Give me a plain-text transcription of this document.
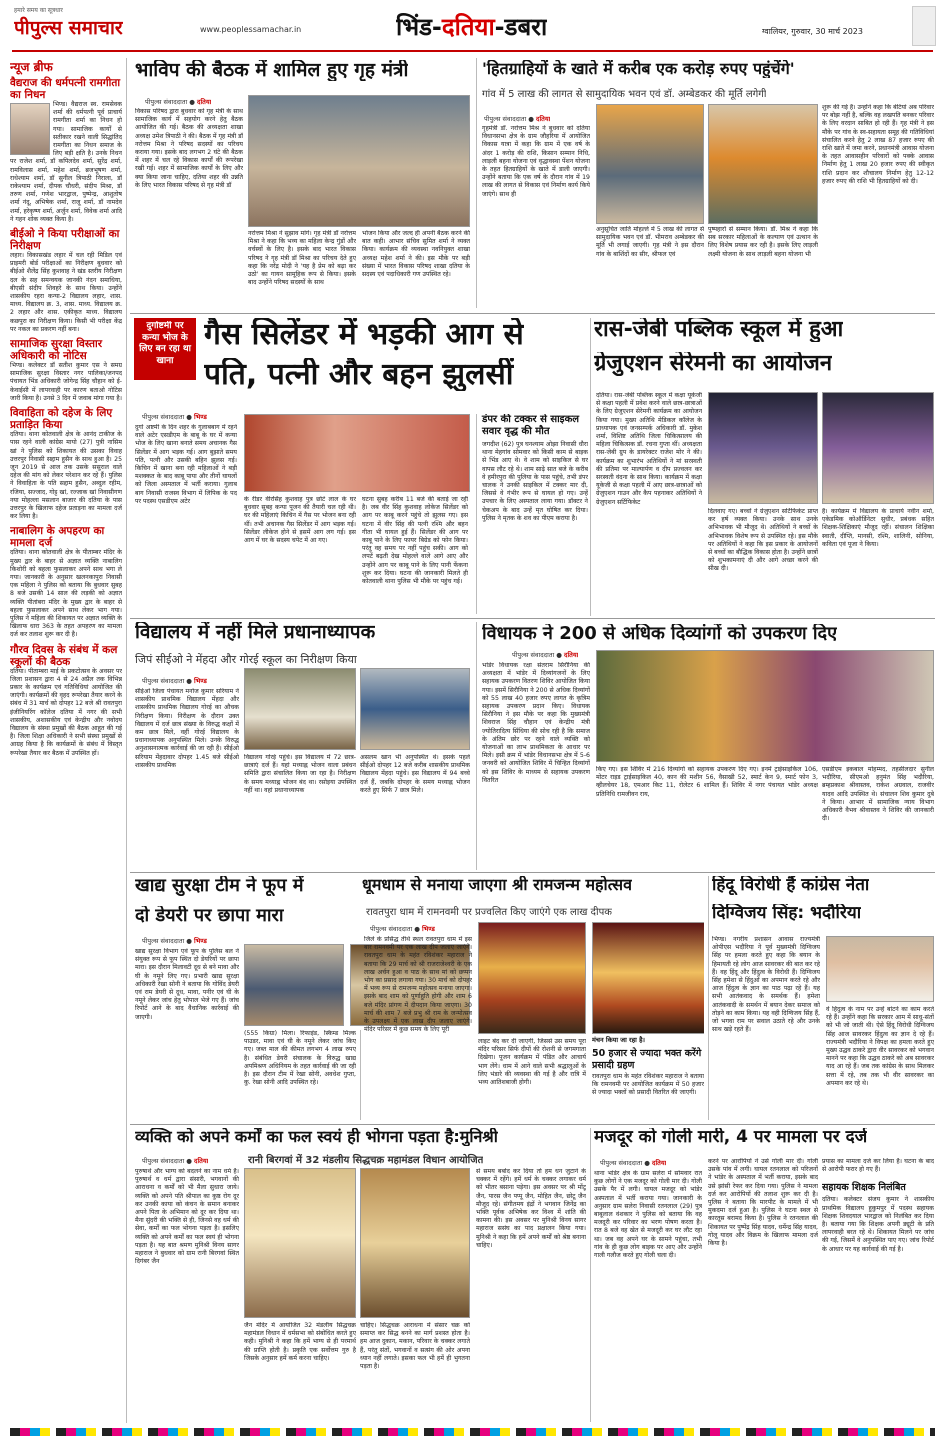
हमारे समय का सूत्रधार
पीपुल्स समाचार	www.peoplessamachar.in	भिंड-दतिया-डबरा	ग्वालियर, गुरुवार, 30 मार्च 2023
न्यूज ब्रीफ
वैद्यराज की धर्मपत्नी रामगीता का निधन
भिण्ड। वैद्यराज स्व. रामसेवक शर्मा की धर्मपत्नी पूर्व प्राचार्य रामगीता शर्मा का निधन हो गया। सामाजिक कार्यों से सतीकार रखने वाली सिद्धांतिद रामगीता का निधन समाज के लिए बड़ी क्षति है। उनके निधन पर राजेश शर्मा, डॉ कपिलदेव शर्मा, सुरेंद्र शर्मा, रामविलास शर्मा, महेश शर्मा, ब्रजभूषण शर्मा, राधेश्याम शर्मा, डॉ सुनील त्रिपाठी निराला, डॉ राकेश्याम शर्मा, दीपक चौधरी, संदीप मिश्रा, डॉ तरुण शर्मा, गणेश भारद्वाज, पुष्पेन्द्र, आशुतोष शर्मा नंदू, अभिषेक शर्मा, राजू शर्मा, डॉ नामदेव शर्मा, हरेकृष्ण शर्मा, अर्जुन शर्मा, विवेक शर्मा आदि ने गहन शोक व्यक्त किया है।
बीईओ ने किया परीक्षाओं का निरीक्षण
लहार। विकासखंड लहार में चल रही मिडिल एवं प्राइमरी बोर्ड परीक्षाओं का निरीक्षण बुधवार को बीईओ शैलेंद्र सिंह कुशवाह ने खंड स्तरीय निरीक्षण दल के सह समन्वयक जानकी नंदन समाधिया, बीएसी संदीप शिवहरे के साथ किया। उन्होंने शासकीय रहरा कन्या-2 विद्यालय लहार, शास. माध्य. विद्यालय क्र. 3, शास. माध्य. विद्यालय क्र. 2 लहार और शास. एकीकृत माध्य. विद्यालय कछपुरा का निरीक्षण किया। किसी भी परीक्षा केंद्र पर नकल का प्रकरण नहीं बना।
सामाजिक सुरक्षा विस्तार अधिकारी को नोटिस
भिण्ड। कलेक्टर डॉ सतीश कुमार एस ने समग्र सामाजिक सुरक्षा विस्तार नगर पालिका/जनपद पंचायत भिंड अधिकारी जोगेन्द्र सिंह चौहान को ई-केवाईसी में लापरवाही पर कारण बताओ नोटिस जारी किया है। उनसे 3 दिन में जवाब मांगा गया है।
विवाहिता को दहेज के लिए प्रताड़ित किया
दतिया। थाना कोतवाली क्षेत्र के आनंद टाकीज के पास रहने वाली कांग्रेस मायो (27) पुत्री नासिम खां ने पुलिस को शिकायत की उसका विवाह उत्तरपुर निवासी सद्दाम हुसैन के साथ हुआ है। 25 जून 2019 से आज तक उसके ससुराल वाले दहेज की मांग को लेकर परेशान कर रहे हैं। पुलिस ने विवाहिता के पति सद्दाम हुसैन, अब्दुल रहीम, रजिया, सज्जाद, गोट्ट खां, रज्जाक खां निवासीगण नया मोहल्ला मसलान बाजार की दतिया के पास उत्तरपुर के खिलाफ दहेज प्रताड़ना का मामला दर्ज कर लिया है।
नाबालिग के अपहरण का मामला दर्ज
दतिया। थाना कोतवाली क्षेत्र के पीताम्बर मंदिर के मुख्य द्वार के बाहर से अज्ञात व्यक्ति नाबालिग किशोरी को बहला फुसलाकर अपने साथ भगा ले गया। जानकारी के अनुसार खलनकापुरा निवासी एक महिला ने पुलिस को बताया कि बुधवार सुबह 8 बजे उसकी 14 साल की लड़की को अज्ञात व्यक्ति पीतांबरा मंदिर के मुख्य द्वार के बाहर से बहला फुसलाकर अपने साथ लेकर भाग गया। पुलिस ने महिला की शिकायत पर अज्ञात व्यक्ति के खिलाफ धारा 363 के तहत अपहरण का मामला दर्ज कर तलाश शुरू कर दी है।
गौरव दिवस के संबंध में कल स्कूलों की बैठक
दतिया। पीताम्बरा माई के प्रकटोत्सव के अवसर पर जिला प्रशासन द्वारा 4 से 24 अप्रैल तक विभिन्न प्रकार के कार्यक्रम एवं गतिविधियां आयोजित की जाएंगी। कार्यक्रमों की वृहद रूपरेखा तैयार करने के संबंध में 31 मार्च को दोपहर 12 बजे श्री रावतपुरा इंजीनियरिंग कॉलेज दतिया में नगर की सभी शासकीय, अशासकीय एवं केन्द्रीय और नवोदय विद्यालय के संस्था प्रमुखों की बैठक आहूत की गई है। जिला शिक्षा अधिकारी ने सभी संस्था प्रमुखों से आग्रह किया है कि कार्यक्रमों के संबंध में विस्तृत रूपरेखा तैयार कर बैठक में उपस्थित हों।
भाविप की बैठक में शामिल हुए गृह मंत्री
पीपुल्स संवाददाता ● दतिया
विकास परिषद द्वारा बुधवार को गृह मंत्री के साथ सामाजिक कार्य में सहयोग करने हेतु बैठक आयोजित की गई। बैठक की अध्यक्षता शाखा अध्यक्ष उमेश त्रिपाठी ने की। बैठक में गृह मंत्री डॉ नरोत्तम मिश्रा ने परिषद सदस्यों का परिचय कराया गया। इसके बाद लगभग 2 घंटे की बैठक में शहर में चल रहे विकास कार्यों की रूपरेखा रखी गई। शहर में सामाजिक कार्यों के लिए और क्या किया जाना चाहिए, दतिया शहर की उन्नति के लिए भारत विकास परिषद से गृह मंत्री डॉ
नरोत्तम मिश्रा ने सुझाव मांगे। गृह मंत्री डॉ नरोत्तम मिश्रा ने कहा कि भव्य का महिला केन्द्र गुंडों और वर्चस्वों के लिए है। इसके बाद भारत विकास परिषद ने गृह मंत्री डॉ मिश्रा का परिचय देते हुए कहा कि नरेंद्र मोदी ने 'यह है प्रेम को बढ़ा कर उठो' का गायन सामूहिक रूप से किया। इसके बाद उन्होंने परिषद सदस्यों के साथ
भोजन किया और जल्द ही अपनी बैठक करने की बात कही। आभार संचिव सुमित शर्मा ने व्यक्त किया। कार्यक्रम की व्यवस्था नवनियुक्त शाखा अध्यक्ष महेश शर्मा ने की। इस मौके पर बड़ी संख्या में भारत विकास परिषद शाखा दतिया के सदस्य एवं पदाधिकारी गण उपस्थित रहे।
'हितग्राहियों के खाते में करीब एक करोड़ रुपए पहुंचेंगे'
गांव में 5 लाख की लागत से सामुदायिक भवन एवं डॉ. अम्बेडकर की मूर्ति लगेगी
पीपुल्स संवाददाता ● दतिया
गृहमंत्री डॉ. नरोत्तम मिश्र ने बुधवार को दतिया विधानसभा क्षेत्र के ग्राम जौहरिया में आयोजित विकास यात्रा में कहा कि ग्राम में एक वर्ष के अंदर 1 करोड़ की राशि, किसान सम्मान निधि, लाड़ली बहना योजना एवं वृद्धावस्था पेंशन योजना के तहत हितग्राहियों के खाते में डाली जाएगी। उन्होंने बताया कि एक वर्ष के दौरान गांव में 19 लाख की लागत से विकास एवं निर्माण कार्य किये जाएंगे। साथ ही
अनुसूचित जाति मोहल्ले में 5 लाख की लागत से सामुदायिक भवन एवं डॉ. भीमराव अम्बेडकर की मूर्ति भी लगाई जाएगी। गृह मंत्री ने इस दौरान गांव के बाशिंदों का सीर, श्रीफल एवं
पुष्पहारों से सम्मान किया। डॉ. मिश्र ने कहा कि सब सरकार महिलाओं के कल्याण एवं उत्थान के लिए विशेष प्रयास कर रही है। इसके लिए लाड़ली लक्ष्मी योजना के साथ लाड़ली बहना योजना भी
शुरू की गई है। उन्होंने कहा कि बेटियां अब परिवार पर बोझ नहीं है, बल्कि वह लखपति बनकर परिवार के लिए वरदान साबित हो रही हैं। गृह मंत्री ने इस मौके पर गांव के स्व-सहायता समूह की गतिविधियां संचालित करने हेतु 2 लाख 87 हजार रुपए की राशि खाते में जमा करने, प्रधानमंत्री आवास योजना के तहत आवासहीन परिवारों को पक्के आवास निर्माण हेतु 1 लाख 20 हजार रुपए की स्वीकृत राशि प्रदान कर शौचालय निर्माण हेतु 12-12 हजार रुपए की राशि भी हितग्राहियों को दी।
दुर्गाष्टमी पर कन्या भोज के लिए बन रहा था खाना
गैस सिलेंडर में भड़की आग से
पति, पत्नी और बहन झुलसीं
पीपुल्स संवाददाता ● भिण्ड
दुर्गा अष्टमी के दिन शहर के गुलाबबाग में रहने वाले अटेर एसडीएम के बाबू के घर में कन्या भोज के लिए खाना बनाते समय अचानक गैस सिलेंडर में आग भड़क गई। आग बुझाते समय पति, पत्नी और उसकी बहिन झुलस गई। किचिन में खाना बना रही महिलाओं ने बड़ी मशक्कत के बाद काबू पाया और तीनों घायलों को जिला अस्पताल में भर्ती कराया। गुलाब बाग निवासी राजस्व विभाग में लिपिक के पद पर पदस्थ एसडीएम अटेर	के रीडर वीरसिंह कुशवाह पुत्र छोटे लाल के घर बुधवार सुबह कन्या पूजन की तैयारी चल रही थी। घर की महिलाएं किचिन में गैस पर भोजन बना रही थीं। तभी अचानक गैस सिलेंडर में आग भड़क गई। सिलेंडर लीकेज होने से इसमें आग लग गई। इस आग में घर के सदस्य चपेट में आ गए।
घटना सुबह करीब 11 बजे की बताई जा रही है। जब वीर सिंह कुशवाह लोकेज सिलेंडर को आग पर काबू करने पहुंचे तो झुलस गए। इस घटना में वीर सिंह की पत्नी रश्मि और बहन गीता भी घायल हुई हैं। सिलेंडर की आग पर काबू पाने के लिए फायर बिग्रेड को फोन किया। परंतु वह समय पर नहीं पहुंच सकी। आग को लपटें बढ़ती देख मोहल्ले वाले आगे आए और उन्होंने आग पर काबू पाने के लिए पानी फेंकना शुरू कर दिया। घटना की जानकारी मिलते ही कोतवाली थाना पुलिस भी मौके पर पहुंच गई।
डंपर की टक्कर से साइकल सवार वृद्ध की मौत
जगदीश (62) पुत्र घनश्याम ओझा निवासी धौरा थाना मेहगांव सोमवार को किसी काम से बाइक से भिंड आए थे। वे शाम को साइकिल से घर वापस लौट रहे थे। शाम साढ़े सात बजे के करीब वे हमीरपुरा की पुलिया के पास पहुंचे, तभी डंपर चालक ने उनकी साइकिल में टक्कर मार दी, जिससे वे गंभीर रूप से घायल हो गए। उन्हें उपचार के लिए अस्पताल लाया गया। डॉक्टर ने चेकअप के बाद उन्हें मृत घोषित कर दिया। पुलिस ने मृतक के शव का पीएम कराया है।
रास-जेबी पब्लिक स्कूल में हुआ
ग्रेजुएशन सेरेमनी का आयोजन
दतिया। रास-जेबी पब्लिक स्कूल में कक्षा यूकेजी से कक्षा पहली में प्रवेश करने वाले छात्र-छात्राओं के लिए ग्रेजुएशन सेरेमनी कार्यक्रम का आयोजन किया गया। मुख्य अतिथि मेडिकल कॉलेज के प्राध्यापक एवं जनसम्पर्क अधिकारी डॉ. मुकेश शर्मा, विशिष्ट अतिथि जिला चिकित्सालय की महिला चिकित्सक डॉ. रचना गुप्ता थीं। अध्यक्षता रास-जेबी ग्रुप के डायरेक्टर राजेश मोर ने की। कार्यक्रम का शुभारंभ अतिथियों ने मां सरस्वती की प्रतिमा पर माल्यार्पण व दीप प्रज्वलन कर सरस्वती वंदना के साथ किया। कार्यक्रम में कक्षा यूकेजी से कक्षा पहली में आए छात्र-छात्राओं को ग्रेजुएशन गाउन और कैप पहनाकर अतिथियों ने ग्रेजुएशन सर्टिफिकेट
दिलवाए गए। बच्चों ने ग्रेजुएशन सर्टिफिकेट प्राप्त कर हर्ष व्यक्त किया। उनके साथ उनके अभिभावक भी मौजूद थे। अतिथियों ने बच्चों के अभिभावक विशेष रूप से उपस्थित रहे। इस मौके पर अतिथियों ने कहा कि इस प्रकार के आयोजनों से बच्चों का बौद्धिक विकास होता है। उन्होंने छात्रों को शुभकामनाएं दी और आगे अच्छा करने की सीख दी।
है। कार्यक्रम में विद्यालय के प्राचार्य नवीन शर्मा, एकेडमिक कोऑर्डिनेटर सुधीर, प्रबंधक सहित शिक्षक-शिक्षिकाएं मौजूद रहीं। संचालन शिक्षिका स्वाती, दीप्ति, मानसी, रश्मि, शालिनी, सोनिया, कविता एवं पूजा ने किया।
विद्यालय में नहीं मिले प्रधानाध्यापक
जिपं सीईओ ने मेंहदा और गोरई स्कूल का निरीक्षण किया
पीपुल्स संवाददाता ● भिण्ड
सीईओ जिला पंचायत मनोज कुमार सरियाम ने शासकीय प्राथमिक विद्यालय मेंहदा और शासकीय प्राथमिक विद्यालय गोरई का औचक निरीक्षण किया। निरीक्षण के दौरान उक्त विद्यालय में दर्ज छात्र संख्या के विरुद्ध कक्षों में कम छात्र मिले, वहीं गोरई विद्यालय के प्रधानाध्यापक अनुपस्थित मिले। उनके विरुद्ध अनुशासनात्मक कार्रवाई की जा रही है। सीईओ सरियाम मेंहदावार दोपहर 1.45 बजे सीईओ शासकीय प्राथमिक
विद्यालय गोरई पहुंचे। इस विद्यालय में 72 छात्र-छात्राएं दर्ज हैं। यहां मध्याह्न भोजन वाला प्रबंधन समिति द्वारा संचालित किया जा रहा है। निरीक्षण के समय मध्याह्न भोजन बंद था। रसोइया उपस्थित नहीं था। वहां प्रधानाध्यापक
असलम खान भी अनुपस्थित थे। इसके पहले सीईओ दोपहर 12 बजे करीब शासकीय प्राथमिक विद्यालय मेंहदा पहुंचे। इस विद्यालय में 94 बच्चे दर्ज हैं, जबकि दोपहर के समय मध्याह्न भोजन करते हुए सिर्फ 7 छात्र मिले।
विधायक ने 200 से अधिक दिव्यांगों को उपकरण दिए
पीपुल्स संवाददाता ● दतिया
भांडेर विधायक रक्षा संतराम सिरौनिया की अध्यक्षता में भांडेर में दिव्यांगजनों के लिए सहायक उपकरण वितरण शिविर आयोजित किया गया। इसमें सिरौनिया ने 200 से अधिक दिव्यांगों को 55 लाख 40 हजार रुपए लागत के कृत्रिम सहायक उपकरण प्रदान किए। विधायक सिरौनिया ने इस मौके पर कहा कि मुख्यमंत्री शिवराज सिंह चौहान एवं केन्द्रीय मंत्री ज्योतिरादित्य सिंधिया की सोच रही है कि समाज के अंतिम छोर पर रहने वाले व्यक्ति को योजनाओं का लाभ प्राथमिकता के आधार पर मिले। इसी क्रम में भांडेर विधानसभा क्षेत्र में 5-6 जनवरी को आयोजित शिविर में चिन्हित दिव्यांगों को इस शिविर के माध्यम से सहायक उपकरण वितरित
किए गए। इस शिविर में 216 दिव्यांगों को सहायक उपकरण दिए गए। इनमें ट्राईसाइकिल 106, मोटर राइड ट्राईसाइकिल 40, कान की मशीन 56, वैसाखी 52, स्मार्ट केन 9, स्मार्ट फोन 3, व्हीलचेयर 18, एमआर किट 11, रोलेटर 6 शामिल हैं। शिविर में नगर पंचायत भांडेर अध्यक्ष प्रतिनिधि रामजीवन राय,
एसडीएम इकबाल मोहम्मद, तहसीलदार सुनील भदौरिया, सीएमओ हनुमंत सिंह भदौरिया, ब्रम्हप्रकाश श्रीवास्तव, राकेश अग्रवाल, राजवीर यादव आदि उपस्थित थे। संचालन शिव कुमार दुबे ने किया। आभार में सामाजिक न्याय विभाग अधिकारी वैभव श्रीवास्तव ने शिविर की जानकारी दी।
खाद्य सुरक्षा टीम ने फूप में
दो डेयरी पर छापा मारा
पीपुल्स संवाददाता ● भिण्ड
खाद्य सुरक्षा विभाग एवं फूप के पुलिस बल ने संयुक्त रूप से फूप स्थित दो डेयरियों पर छापा मारा। इस दौरान मिलावटी दूध से बने मावा और घी के नमूने लिए गए। प्रभारी खाद्य सुरक्षा अधिकारी रेखा सोनी ने बताया कि गोविंद डेयरी एवं राम डेयरी से दूध, मावा, पनीर एवं घी के नमूने लेकर जांच हेतु भोपाल भेजे गए हैं। जांच रिपोर्ट आने के बाद वैधानिक कार्रवाई की जाएगी।
(555 किग्रा) मिला। रिफाइंड, स्किम्ड मिल्क पाउडर, मावा एवं घी के नमूने लेकर जांच किए गए। जब्त माल की कीमत लगभग 4 लाख रुपए है। संबंधित डेयरी संचालक के विरुद्ध खाद्य अपमिश्रण अधिनियम के तहत कार्रवाई की जा रही है। इस दौरान टीम में रेखा सोनी, अवधेश गुप्ता, कु. रेखा सोनी आदि उपस्थित रहे।
धूमधाम से मनाया जाएगा श्री रामजन्म महोत्सव
रावतपुरा धाम में रामनवमी पर प्रज्वलित किए जाएंगे एक लाख दीपक
पीपुल्स संवाददाता ● भिण्ड
जिले के प्रसिद्ध तीर्थ स्थल रावतपुरा धाम में इस बार रामनवमी पर एक लाख दीप जलाए जाएंगे। रावतपुरा धाम के महंत रविशंकर महाराज ने बताया कि 29 मार्च को श्री राजराजेश्वरी के एक लाख अर्चन हुआ व पाठ के साथ मां को छप्पन भोग का प्रसाद लगाया गया। 30 मार्च को दोपहर में भव्य रूप से रामजन्म महोत्सव मनाया जाएगा। इसके बाद शाम को पूर्णाहुति होगी और शाम 6 बजे मंदिर प्रांगण में दीपदान किया जाएगा। 30 मार्च की शाम 7 बजे प्रभु श्री राम के जन्मोत्सव के उपलक्ष्य में एक लाख दीप जलाए जाएंगे। मंदिर परिसर में कुछ समय के लिए पूरी
लाइट बंद कर दी जाएगी, जिससे उस समय पूरा मंदिर परिसर सिर्फ दीपों की रोशनी से जगमगाता दिखेगा। पूजन कार्यक्रम में पंडित और आचार्य भाग लेंगे। धाम में आने वाले सभी श्रद्धालुओं के लिए भंडारे की व्यवस्था की गई है और रात्रि में भव्य आतिशबाजी होगी।
मंचन किया जा रहा है।
50 हजार से ज्यादा भक्त करेंगे प्रसादी ग्रहण
रावतपुरा धाम के महंत रविशंकर महाराज ने बताया कि रामनवमी पर आयोजित कार्यक्रम में 50 हजार से ज्यादा भक्तों को प्रसादी वितरित की जाएगी।
हिंदू विरोधी हैं कांग्रेस नेता
दिग्विजय सिंह: भदौरिया
भिण्ड। नगरीय प्रशासन आवास राज्यमंत्री ओपीएस भदौरिया ने पूर्व मुख्यमंत्री दिग्विजय सिंह पर हमला करते हुए कहा कि बयान के हिमायती रहे लोग आज सावरकर की बात कर रहे हैं। वह हिंदू और हिंदुत्व के विरोधी हैं। दिग्विजय सिंह हमेशा से हिंदुओं का अपमान करते रहे और आज हिंदुत्व के ज्ञान का पाठ पढ़ा रहे हैं। यह सभी आतंकवाद के समर्थक हैं। हमेशा आतंकवादी के समर्थन में बयान देकर समाज को तोड़ने का काम किया। यह वही दिग्विजय सिंह हैं, जो भगवा राम पर सवाल उठाते रहे और उनके साथ खड़े रहते हैं।
वे हिंदुत्व के नाम पर उन्हें बांटने का काम करते रहे हैं। उन्होंने कहा कि सरकार आम में साधु-संतों को भी जो जाती थी। ऐसे हिंदू विरोधी दिग्विजय सिंह आज सावरकर हिंदुत्व का ज्ञान दे रहे हैं। राज्यमंत्री भदौरिया ने विपक्ष का हमला करते हुए मुख्य उद्धव ठाकरे द्वारा वीर सावरकर को भगवान मानने पर कहा कि उद्धव ठाकरे को अब सावरकर याद आ रहे हैं। जब तक कांग्रेस के साथ मिलकर सत्ता में रहे, तब तक भी वीर सावरकर का अपमान कर रहे थे।
व्यक्ति को अपने कर्मों का फल स्वयं ही भोगना पड़ता है:मुनिश्री
रानी बिरगवां में 32 मंडलीय सिद्धचक्र महामंडल विधान आयोजित
पीपुल्स संवाददाता ● दतिया
पुरुषार्थ और भाग्य को बदलने का नाम धर्म है। पुरुषार्थ व धर्म द्वारा संसारी, भगवानों की आराधना व कर्मों को भी मैला सुधारा जाये। व्यक्ति को अपने पति श्रीपाल का कुष्ठ रोग दूर कर उनकी काया को कंचन के समान बनाकर अपने पिता के अभिमान को दूर कर दिया था। मैना सुंदरी की भक्ति से ही, जिनसे वह धर्म की सेवा, कर्मों का फल भोगना पड़ता है। इसलिए व्यक्ति को अपने कर्मों का फल स्वयं ही भोगना पड़ता है। यह बात श्रमण मुनिश्री विनय सागर महाराज ने बुधवार को ग्राम रानी बिरगवां स्थित दिगंबर जैन
जैन मंदिर में आयोजित 32 मंडलीय सिद्धचक्र महामंडल विधान में धर्मसभा को संबोधित करते हुए कही। मुनिश्री ने कहा कि हमें भाग्य से ही परमार्थ की प्राप्ति होती है। प्रकृति एक सर्वोत्तम गुरु है जिसके अनुसार हमें कर्म करना चाहिए।
चाहिए। सिद्धचक्र आराधना में संसार चक्र को समाप्त कर सिद्ध बनने का मार्ग प्रशस्त होता है। हम आज दुकान, मकान, परिवार के चक्कर लगाते हैं, परंतु संतों, भगवानों व सत्संग की ओर अपना ध्यान नहीं लगाते। इसका फल भी हमें ही भुगतना पड़ता है।
से समय बर्बाद कर दिया तो हम धन जुटाने के चक्कर में रहेंगे। हमें धर्म के चक्कर लगाकर धर्म को भीतर बसाना पड़ेगा। इस अवसर पर श्री मोंटू जैन, पारस जैन पप्पू जैन, मोहित जैन, छोटू जैन मौजूद रहे। संगीतमय इंद्रों ने भगवान जिनेंद्र का भक्ति पूर्वक अभिषेक कर विश्व में शांति की कामना की। इस अवसर पर मुनिश्री विनय सागर महाराज ससंघ का पाद प्रक्षालन किया गया। मुनिश्री ने कहा कि हमें अपने कर्मों को श्रेष्ठ बनाना चाहिए।
मजदूर को गोली मारी, 4 पर मामला पर दर्ज
पीपुल्स संवाददाता ● दतिया
थाना भांडेर क्षेत्र के ग्राम सलेरा में सोमवार रात कुछ लोगों ने एक मजदूर को गोली मार दी। गोली उसके पैर में लगी। घायल मजदूर को भांडेर अस्पताल में भर्ती कराया गया। जानकारी के अनुसार ग्राम सलेरा निवासी रतनलाल (29) पुत्र बाबूलाल वंशकार ने पुलिस को बताया कि वह मजदूरी कर परिवार का भरण पोषण करता है। रात 8 बजे वह खेत से मजदूरी कर घर लौट रहा था। जब वह अपने घर के सामने पहुंचा, तभी गांव के ही कुछ लोग बाइक पर आए और उन्होंने गाली गलौज करते हुए गोली चला दी।
करने पर आरोपियों ने उसे गोली मार दी। गोली उसके पांव में लगी। घायल रतनलाल को परिजनों ने भांडेर के अस्पताल में भर्ती कराया, इसके बाद उसे झांसी रेफर कर दिया गया। पुलिस ने मामला दर्ज कर आरोपियों की तलाश शुरू कर दी है। पुलिस ने बताया कि मारपीट के मामले में भी मुकदमा दर्ज हुआ है। पुलिस ने घटना स्थल से कारतूस बरामद किया है। पुलिस ने रतनलाल की शिकायत पर पुष्पेंद्र सिंह यादव, धर्मेन्द्र सिंह यादव, गोलू यादव और विक्रम के खिलाफ मामला दर्ज किया है।
प्रयास का मामला दर्ज कर लिया है। घटना के बाद से आरोपी फरार हो गए हैं।
सहायक शिक्षक निलंबित
दतिया। कलेक्टर संजय कुमार ने शासकीय प्राथमिक विद्यालय हुकुमपुर में पदस्थ सहायक शिक्षक शिवदयाल भारद्वाज को निलंबित कर दिया है। बताया गया कि शिक्षक अपनी ड्यूटी के प्रति लापरवाही बरत रहे थे। शिकायत मिलने पर जांच की गई, जिसमें वे अनुपस्थित पाए गए। जांच रिपोर्ट के आधार पर यह कार्रवाई की गई है।
